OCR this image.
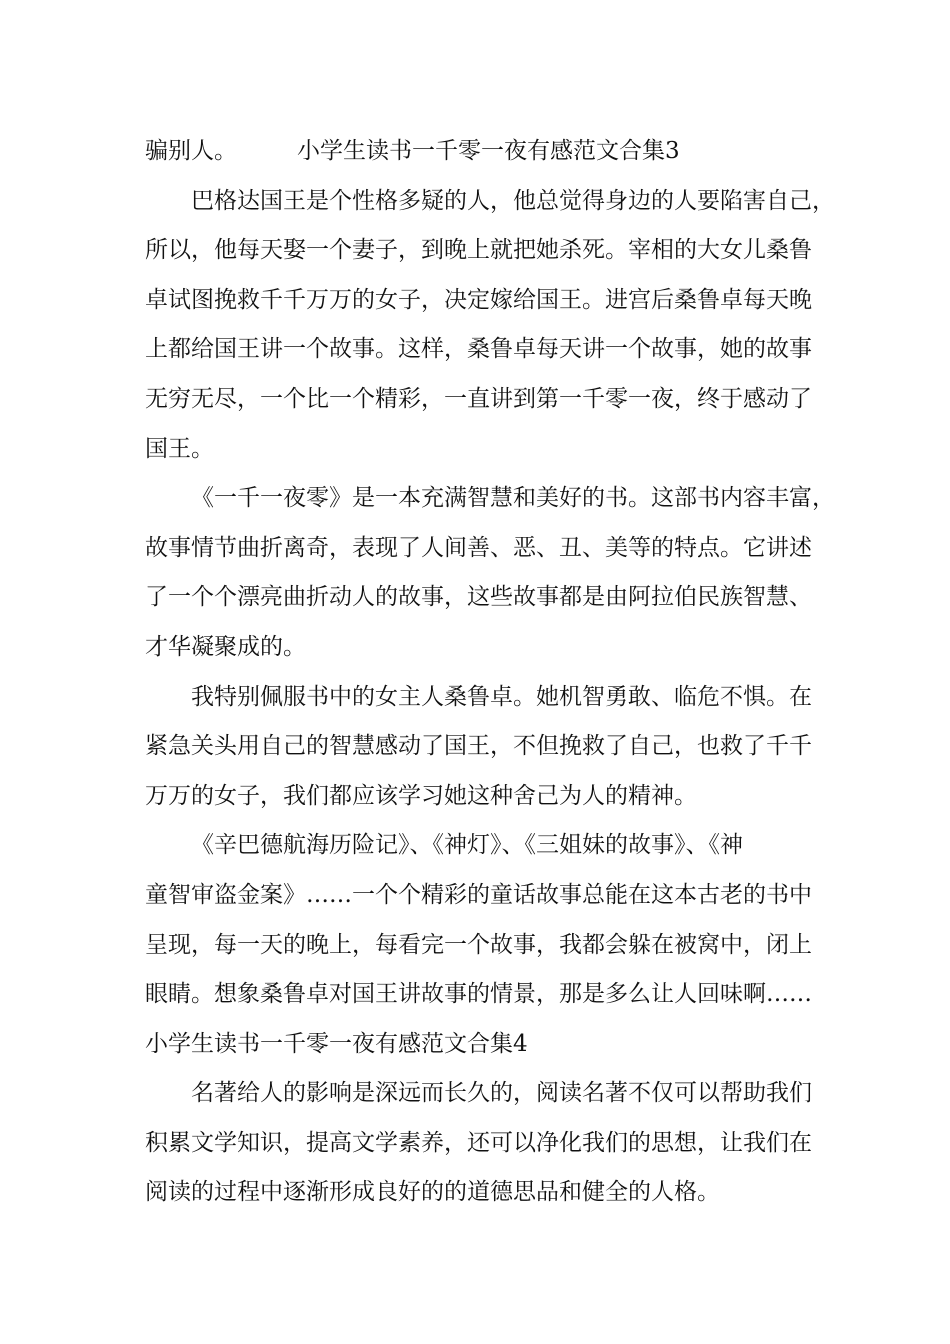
骗别人。	小学生读书一千零一夜有感范文合集3
巴格达国王是个性格多疑的人，他总觉得身边的人要陷害自己，
所以，他每天娶一个妻子，到晚上就把她杀死。宰相的大女儿桑鲁
卓试图挽救千千万万的女子，决定嫁给国王。进宫后桑鲁卓每天晚
上都给国王讲一个故事。这样，桑鲁卓每天讲一个故事，她的故事
无穷无尽，一个比一个精彩，一直讲到第一千零一夜，终于感动了
国王。
《一千一夜零》是一本充满智慧和美好的书。这部书内容丰富，
故事情节曲折离奇，表现了人间善、恶、丑、美等的特点。它讲述
了一个个漂亮曲折动人的故事，这些故事都是由阿拉伯民族智慧、
才华凝聚成的。
我特别佩服书中的女主人桑鲁卓。她机智勇敢、临危不惧。在
紧急关头用自己的智慧感动了国王，不但挽救了自己，也救了千千
万万的女子，我们都应该学习她这种舍己为人的精神。
《辛巴德航海历险记》、《神灯》、《三姐妹的故事》、《神
童智审盗金案》……一个个精彩的童话故事总能在这本古老的书中
呈现，每一天的晚上，每看完一个故事，我都会躲在被窝中，闭上
眼睛。想象桑鲁卓对国王讲故事的情景，那是多么让人回味啊……
小学生读书一千零一夜有感范文合集4
名著给人的影响是深远而长久的，阅读名著不仅可以帮助我们
积累文学知识，提高文学素养，还可以净化我们的思想，让我们在
阅读的过程中逐渐形成良好的的道德思品和健全的人格。
